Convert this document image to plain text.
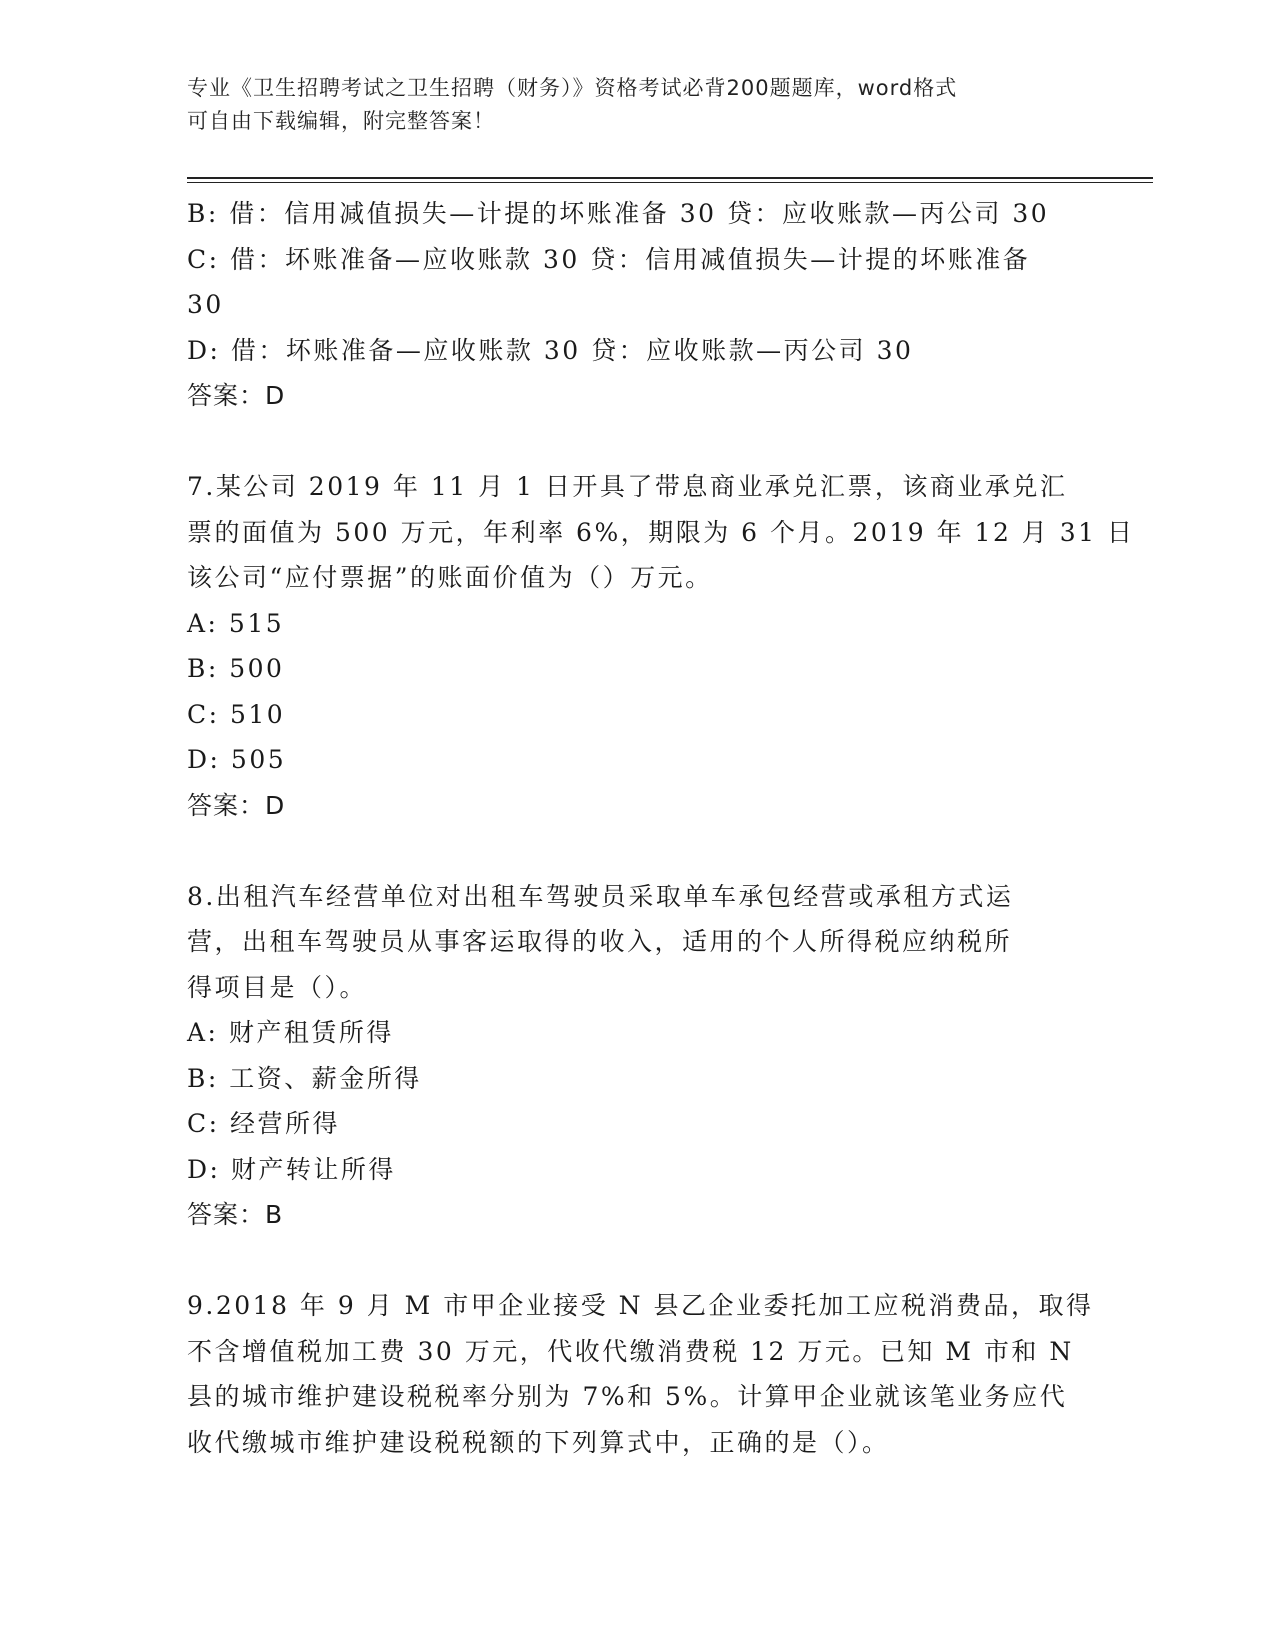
专业《卫生招聘考试之卫生招聘（财务）》资格考试必背200题题库，word格式
可自由下载编辑，附完整答案！
B: 借：信用减值损失—计提的坏账准备 30 贷：应收账款—丙公司 30
C: 借：坏账准备—应收账款 30 贷：信用减值损失—计提的坏账准备
30
D: 借：坏账准备—应收账款 30 贷：应收账款—丙公司 30
答案：D
7.某公司 2019 年 11 月 1 日开具了带息商业承兑汇票，该商业承兑汇
票的面值为 500 万元，年利率 6%，期限为 6 个月。2019 年 12 月 31 日
该公司“应付票据”的账面价值为（）万元。
A: 515
B: 500
C: 510
D: 505
答案：D
8.出租汽车经营单位对出租车驾驶员采取单车承包经营或承租方式运
营，出租车驾驶员从事客运取得的收入，适用的个人所得税应纳税所
得项目是（）。
A: 财产租赁所得
B: 工资、薪金所得
C: 经营所得
D: 财产转让所得
答案：B
9.2018 年 9 月 M 市甲企业接受 N 县乙企业委托加工应税消费品，取得
不含增值税加工费 30 万元，代收代缴消费税 12 万元。已知 M 市和 N
县的城市维护建设税税率分别为 7%和 5%。计算甲企业就该笔业务应代
收代缴城市维护建设税税额的下列算式中，正确的是（）。
